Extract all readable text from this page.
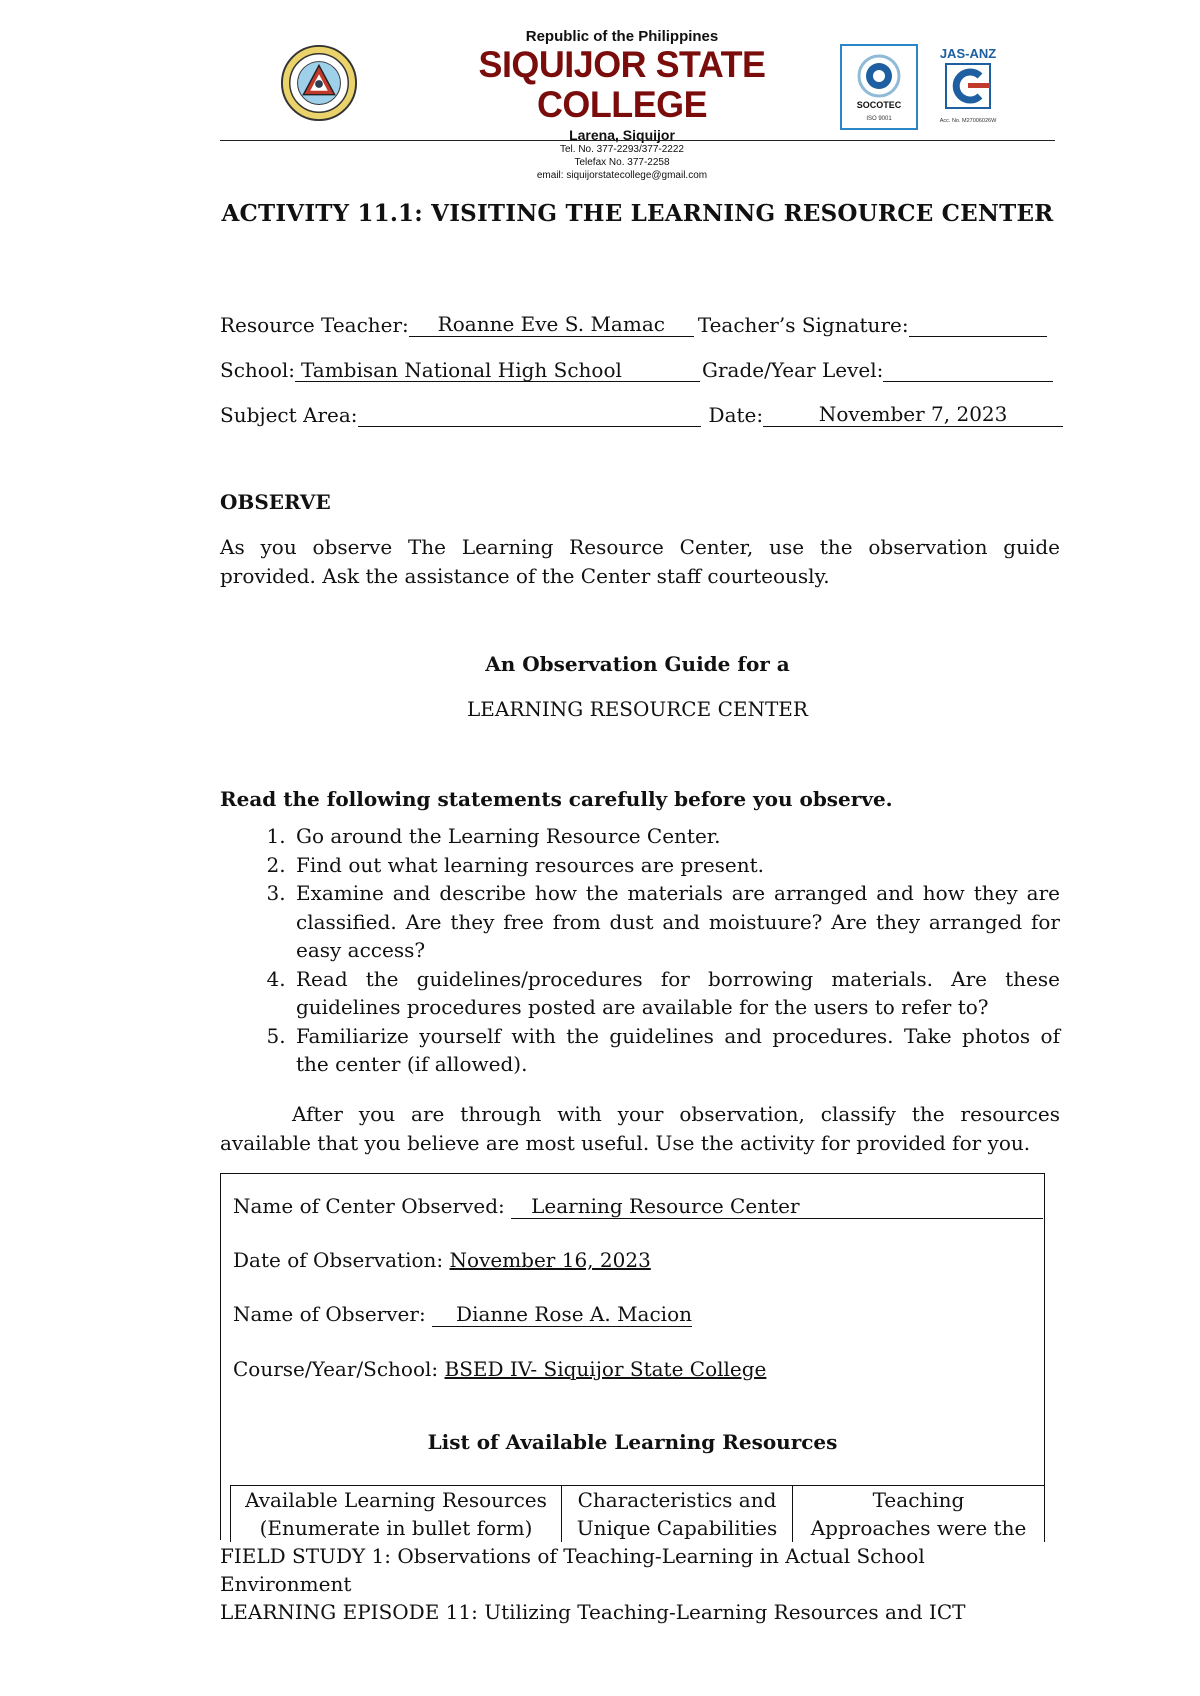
Republic of the Philippines
SIQUIJOR STATE COLLEGE
Larena, Siquijor
Tel. No. 377-2293/377-2222
Telefax No. 377-2258
email: siquijorstatecollege@gmail.com
SOCOTEC
ISO 9001
JAS-ANZ
Acc. No. M27006026W
ACTIVITY 11.1: VISITING THE LEARNING RESOURCE CENTER
Resource Teacher: Roanne Eve S. Mamac Teacher’s Signature:
School: Tambisan National High School	Grade/Year Level:
Subject Area:	Date:	November 7, 2023
OBSERVE
As you observe The Learning Resource Center, use the observation guide provided. Ask the assistance of the Center staff courteously.
An Observation Guide for a
LEARNING RESOURCE CENTER
Read the following statements carefully before you observe.
1. Go around the Learning Resource Center.
2. Find out what learning resources are present.
3. Examine and describe how the materials are arranged and how they are classified. Are they free from dust and moistuure? Are they arranged for easy access?
4. Read the guidelines/procedures for borrowing materials. Are these guidelines procedures posted are available for the users to refer to?
5. Familiarize yourself with the guidelines and procedures. Take photos of the center (if allowed).
After you are through with your observation, classify the resources available that you believe are most useful. Use the activity for provided for you.
Name of Center Observed: Learning Resource Center
Date of Observation: November 16, 2023
Name of Observer: Dianne Rose A. Macion
Course/Year/School: BSED IV- Siquijor State College
List of Available Learning Resources
Available Learning Resources
(Enumerate in bullet form)

Characteristics and
Unique Capabilities

Teaching
Approaches were the
FIELD STUDY 1: Observations of Teaching-Learning in Actual School
Environment
LEARNING EPISODE 11: Utilizing Teaching-Learning Resources and ICT
